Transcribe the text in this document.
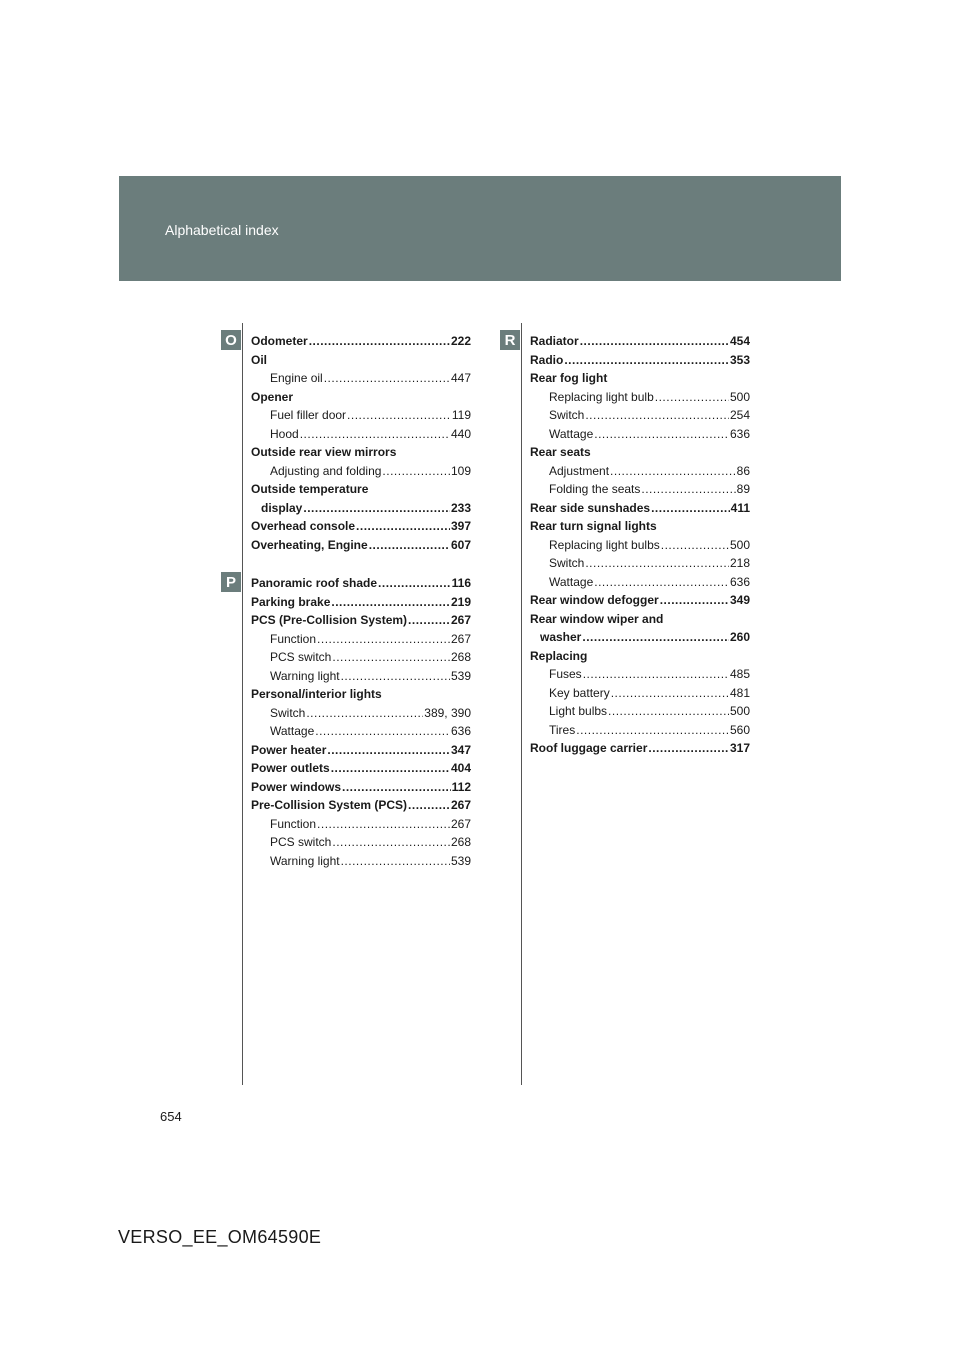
Alphabetical index
O
P
R
Odometer .....	222
Oil
Engine oil .....	447
Opener
Fuel filler door .....	119
Hood .....	440
Outside rear view mirrors
Adjusting and folding .....	109
Outside temperature
display .....	233
Overhead console .....	397
Overheating, Engine .....	607
Panoramic roof shade .....	116
Parking brake .....	219
PCS (Pre-Collision System) .....	267
Function .....	267
PCS switch .....	268
Warning light .....	539
Personal/interior lights
Switch .....	389, 390
Wattage .....	636
Power heater .....	347
Power outlets .....	404
Power windows .....	112
Pre-Collision System (PCS) .....	267
Function .....	267
PCS switch .....	268
Warning light .....	539
Radiator .....	454
Radio .....	353
Rear fog light
Replacing light bulb .....	500
Switch .....	254
Wattage .....	636
Rear seats
Adjustment .....	86
Folding the seats .....	89
Rear side sunshades .....	411
Rear turn signal lights
Replacing light bulbs .....	500
Switch .....	218
Wattage .....	636
Rear window defogger .....	349
Rear window wiper and
washer .....	260
Replacing
Fuses .....	485
Key battery .....	481
Light bulbs .....	500
Tires .....	560
Roof luggage carrier .....	317
654
VERSO_EE_OM64590E
